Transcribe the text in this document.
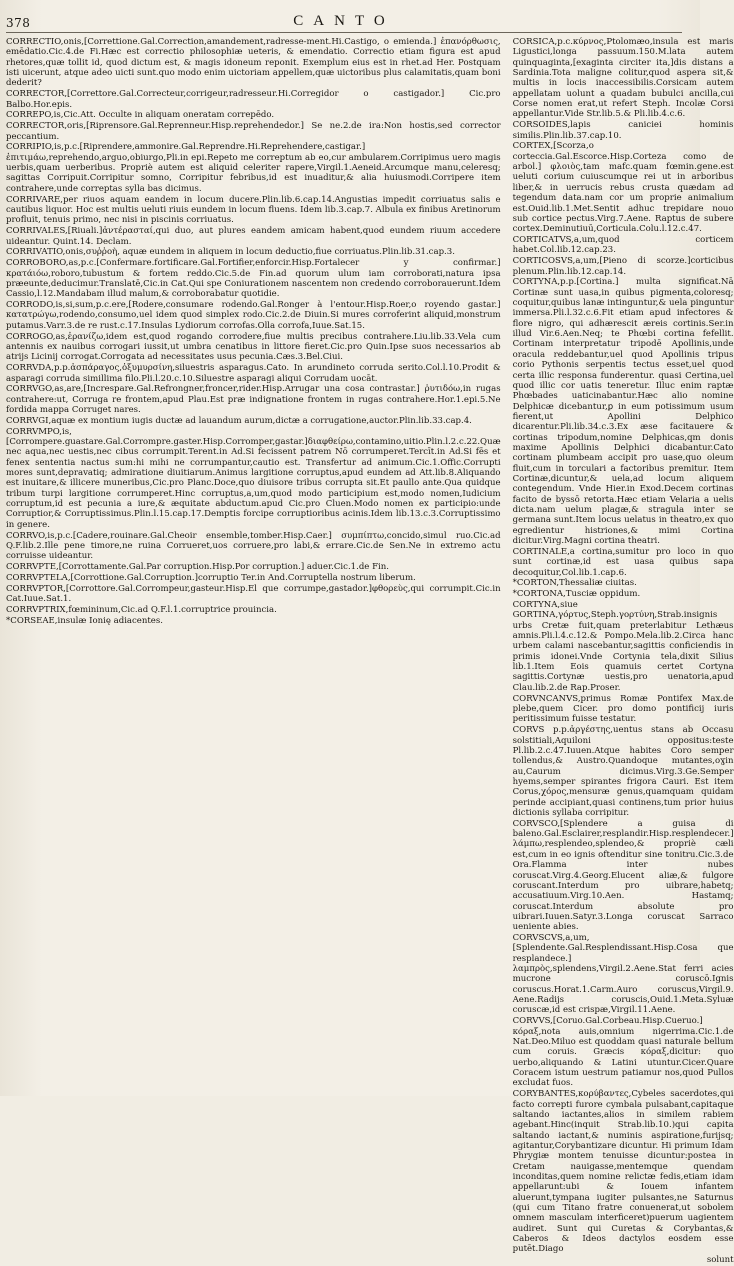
378	CANTO

CORRECTIO,onis,[Correttione.Gal.Correction,amandement,radresse-ment.Hi.Castigo, o emienda.] ἐπανόρθωσις, emēdatio.Cic.4.de Fi.Hæc est correctio philosophiæ ueteris, & emendatio. Correctio etiam figura est apud rhetores,quæ tollit id, quod dictum est, & magis idoneum reponit. Exemplum eius est in rhet.ad Her. Postquam isti uicerunt, atque adeo uicti sunt.quo modo enim uictoriam appellem,quæ uictoribus plus calamitatis,quam boni dederit?

CORRECTOR,[Correttore.Gal.Correcteur,corrigeur,radresseur.Hi.Corregidor o castigador.] Cic.pro Balbo.Hor.epis.

CORREPO,is,Cic.Att. Occulte in aliquam oneratam correpēdo.

CORRECTOR,oris,[Riprensore.Gal.Reprenneur.Hisp.reprehendedor.] Se ne.2.de ira:Non hostis,sed corrector peccantium.

CORRIPIO,is,p.c.[Riprendere,ammonire.Gal.Reprendre.Hi.Reprehendere,castigar.] ἐπιτιμάω,reprehendo,arguo,obiurgo,Pli.in epi.Repeto me correptum ab eo,cur ambularem.Corripimus uero magis uerbis,quam uerberibus. Propriè autem est aliquid celeriter rapere,Virgil.1.Aeneid.Arcumque manu,celeresq; sagittas Corripuit.Corripitur somno, Corripitur febribus,id est inuaditur,& alia huiusmodi.Corripere item contrahere,unde correptas sylla bas dicimus.

CORRIVARE,per riuos aquam eandem in locum ducere.Plin.lib.6.cap.14.Angustias impedit corriuatus salis e cautibus liquor. Hoc est multis ueluti riuis eundem in locum fluens. Idem lib.3.cap.7. Albula ex finibus Aretinorum profluit, tenuis primo, nec nisi in piscinis corriuatus.

CORRIVALES,[Riuali.]ἀντέρασταί,qui duo, aut plures eandem amicam habent,quod eundem riuum accedere uideantur. Quint.14. Declam.

CORRIVATIO,onis,συῤῥοὴ, aquæ eundem in aliquem in locum deductio,fiue corriuatus.Plin.lib.31.cap.3.

CORROBORO,as,p.c.[Confermare.fortificare.Gal.Fortifier,enforcir.Hisp.Fortalecer y confirmar.] κρατάιόω,roboro,tubustum & fortem reddo.Cic.5.de Fin.ad quorum ulum iam corroborati,natura ipsa præeunte,deducimur.Translatē,Cic.in Cat.Qui spe Coniurationem nascentem non credendo corroborauerunt.Idem Cassio,l.12.Mandabam illud malum,& corroborabatur quotidie.

CORRODO,is,si,sum,p.c.ere,[Rodere,consumare rodendo.Gal.Ronger à l'entour.Hisp.Roer,o royendo gastar.] κατατρώγω,rodendo,consumo,uel idem quod simplex rodo.Cic.2.de Diuin.Si mures corroferint aliquid,monstrum putamus.Varr.3.de re rust.c.17.Insulas Lydiorum corrofas.Olla corrofa,Iuue.Sat.15.

CORROGO,as,ἐρανίζω,idem est,quod rogando corrodere,fiue multis precibus contrahere.Liu.lib.33.Vela cum antennis ex nauibus corrogari iussit,ut umbra cenatibus in littore fieret.Cic.pro Quin.Ipse suos necessarios ab atrijs Licinij corrogat.Corrogata ad necessitates usus pecunia.Cæs.3.Bel.Ciui.

CORRVDA,p.p.ἀσπάραγος,ὀξυμυρσίνη,siluestris asparagus.Cato. In arundineto corruda serito.Col.l.10.Prodit & asparagi corruda simillima filo.Pli.l.20.c.10.Siluestre asparagi aliqui Corrudam uocāt.

CORRVGO,as,are,[Increspare.Gal.Refrongner,froncer,rider.Hisp.Arrugar una cosa contrastar.] ῥυτιδόω,in rugas contrahere:ut, Corruga re frontem,apud Plau.Est præ indignatione frontem in rugas contrahere.Hor.1.epi.5.Ne fordida mappa Corruget nares.

CORRVGI,aquæ ex montium iugis ductæ ad lauandum aurum,dictæ a corrugatione,auctor.Plin.lib.33.cap.4.

CORRVMPO,is,[Corrompere.guastare.Gal.Corrompre.gaster.Hisp.Corromper,gastar.]διαφθείρω,contamino,uitio.Plin.l.2.c.22.Quæ nec aqua,nec uestis,nec cibus corrumpit.Terent.in Ad.Si fecissent patrem Nō corrumperet.Tercīt.in Ad.Si fēs et fenex sententia nactus sum:hi mihi ne corrumpantur,cautio est. Transfertur ad animum.Cic.1.Offic.Corrupti mores sunt,depravatiq; admiratione diuitiarum.Animus largitione corruptus,apud eundem ad Att.lib.8.Aliquando est inuitare,& illicere muneribus,Cic.pro Planc.Doce,quo diuisore tribus corrupta sit.Et paullo ante.Qua quidque tribum turpi largitione corrumperet.Hinc corruptus,a,um,quod modo participium est,modo nomen,Iudicium corruptum,id est pecunia a iure,& æquitate abductum.apud Cic.pro Cluen.Modo nomen ex participio:unde Corruptior,& Corruptissimus.Plin.l.15.cap.17.Demptis forcipe corruptioribus acinis.Idem lib.13.c.3.Corruptissimo in genere.

CORRVO,is,p.c.[Cadere,rouinare.Gal.Cheoir ensemble,tomber.Hisp.Caer.] συμπίπτω,concido,simul ruo.Cic.ad Q.F.lib.2.Ille pene timore,ne ruina Corrueret,uos corruere,pro labi,& errare.Cic.de Sen.Ne in extremo actu corruisse uideantur.

CORRVPTE,[Corrottamente.Gal.Par corruption.Hisp.Por corruption.] aduer.Cic.1.de Fin.

CORRVPTELA,[Corrottione.Gal.Corruption.]corruptio Ter.in And.Corruptella nostrum liberum.

CORRVPTOR,[Corrottore.Gal.Corrompeur,gasteur.Hisp.El que corrumpe,gastador.]φθορεὺς,qui corrumpit.Cic.in Cat.Iuue.Sat.1.

CORRVPTRIX,fœmininum,Cic.ad Q.F.l.1.corruptrice prouincia.

*CORSEAE,insulæ Ionię adiacentes.

CORSICA,p.c.κύρνος,Ptolomæo,insula est maris Ligustici,longa passuum.150.M.lata autem quinquaginta,[exaginta circiter ita,]dis distans a Sardinia.Tota maligne colitur,quod aspera sit,& multis in locis inaccessibilis.Corsicam autem appellatam uolunt a quadam bubulci ancilla,cui Corse nomen erat,ut refert Steph. Incolæ Corsi appellantur.Vide Str.lib.5.& Pli.lib.4.c.6.

CORSOIDES,lapis caniciei hominis similis.Plin.lib.37.cap.10.

CORTEX,[Scorza,o corteccia.Gal.Escorce.Hisp.Corteza como de arbol.] φλοιὸς,tam mafc.quam fœmin.gene.est ueluti corium cuiuscumque rei ut in arboribus liber,& in uerrucis rebus crusta quædam ad tegendum data.nam cor um proprie animalium est.Ouid.lib.1.Met.Sentit adhuc trepidare nouo sub cortice pectus.Virg.7.Aene. Raptus de subere cortex.Deminutiuū,Corticula.Colu.l.12.c.47.

CORTICATVS,a,um,quod corticem habet.Col.lib.12.cap.23.

CORTICOSVS,a,um,[Pieno di scorze.]corticibus plenum.Plin.lib.12.cap.14.

CORTYNA,p.p.[Cortina.] multa significat.Nā Cortinæ sunt uasa,in quibus pigmenta,coloresq; coquitur,quibus lanæ intinguntur,& uela pinguntur immersa.Pli.l.32.c.6.Fit etiam apud infectores & flore nigro, qui adhærescit æreis cortinis.Ser.in illud Vir.6.Aen.Neq; te Phœbi cortina fefellit. Cortinam interpretatur tripodē Apollinis,unde oracula reddebantur,uel quod Apollinis tripus corio Pythonis serpentis tectus esset,uel quod certa illic responsa funderentur. quasi Certina,uel quod illic cor uatis teneretur. Illuc enim raptæ Phœbades uaticinabantur.Hæc alio nomine Delphicæ dicebantur,ꝑ in eum potissimum usum fierent,ut Apollini Delphico dicarentur.Pli.lib.34.c.3.Ex æse facitauere & cortinas tripodum,nomine Delphicas,qm donis maxime Apollinis Delphici dicabantur.Cato cortinam plumbeam accipit pro uase,quo oleum fluit,cum in torculari a factoribus premitur. Item Cortinæ,dicuntur,& uela,ad locum aliquem contegendum. Vnde Hier.in Exod.Decem cortinas facito de byssō retorta.Hæc etiam Velaria a uelis dicta.nam uelum plagæ,& stragula inter se germana sunt.Item locus uelatus in theatro,ex quo egredientur histriones,& mimi Cortina dicitur.Virg.Magni cortina theatri.

CORTINALE,a cortina,sumitur pro loco in quo sunt cortinæ,id est uasa quibus sapa decoquitur,Col.lib.1.cap.6.

*CORTON,Thessaliæ ciuitas.

*CORTONA,Tusciæ oppidum.

CORTYNA,siue GORTINA,γόρτυς,Steph.γορτύνη,Strab.insignis urbs Cretæ fuit,quam preterlabitur Lethæus amnis.Pli.l.4.c.12.& Pompo.Mela.lib.2.Circa hanc urbem calami nascebantur,sagittis conficiendis in primis idonei.Vnde Cortynia tela,dixit Silius lib.1.Item Eois quamuis certet Cortyna sagittis.Cortynæ uestis,pro uenatoria,apud Clau.lib.2.de Rap.Proser.

CORVNCANVS,primus Romæ Pontifex Max.de plebe,quem Cicer. pro domo pontificij iuris peritissimum fuisse testatur.

CORVS p.p.ἀργέστης,uentus stans ab Occasu solstitiali,Aquiloni oppositus:teste Pl.lib.2.c.47.Iuuen.Atque habites Coro semper tollendus,& Austro.Quandoque mutantes,οɣin au,Caurum dicimus.Virg.3.Ge.Semper hyems,semper spirantes frigora Cauri. Est item Corus,χόρος,mensuræ genus,quamquam quidam perinde accipiant,quasi continens,tum prior huius dictionis syllaba corripitur.

CORVSCO,[Splendere a guisa di baleno.Gal.Esclairer,resplandir.Hisp.resplendecer.] λάμπω,resplendeo,splendeo,& propriè cæli est,cum in eo ignis oftenditur sine tonitru.Cic.3.de Ora.Flamma inter nubes coruscat.Virg.4.Georg.Elucent aliæ,& fulgore coruscant.Interdum pro uibrare,habetq; accusatiuum.Virg.10.Aen. Hastamq; coruscat.Interdum absolute pro uibrari.Iuuen.Satyr.3.Longa coruscat Sarraco ueniente abies.

CORVSCVS,a,um,[Splendente.Gal.Resplendissant.Hisp.Cosa que resplandece.] λαμπρὸς,splendens,Virgil.2.Aene.Stat ferri acies mucrone coruscō.Ignis coruscus.Horat.1.Carm.Auro coruscus,Virgil.9. Aene.Radijs coruscis,Ouid.1.Meta.Syluæ coruscæ,id est crispæ,Virgil.11.Aene.

CORVVS,[Coruo.Gal.Corbeau.Hisp.Cueruo.] κόραξ,nota auis,omnium nigerrima.Cic.1.de Nat.Deo.Miluo est quoddam quasi naturale bellum cum coruis. Græcis κόραξ,dicitur: quo uerbo,aliquando & Latini utuntur.Cicer.Quare Coracem istum uestrum patiamur nos,quod Pullos excludat fuos.

CORYBANTES,κορύβαντες,Cybeles sacerdotes,qui facto correpti furore cymbala pulsabant,capitaque saltando iactantes,alios in similem rabiem agebant.Hinc(inquit Strab.lib.10.)qui capita saltando iactant,& numinis aspiratione,furijsq; agitantur,Corybantizare dicuntur. Hi primum Idam Phrygiæ montem tenuisse dicuntur:postea in Cretam nauigasse,mentemque quendam inconditas,quem nomine relictæ fedis,etiam idam appellarunt:ubi & Iouem infantem aluerunt,tympana iugiter pulsantes,ne Saturnus (qui cum Titano fratre conuenerat,ut sobolem omnem masculam interficeret)puerum uagientem audiret. Sunt qui Curetas & Corybantas,& Caberos & Ideos dactylos eosdem esse putēt.Diago

solunt
